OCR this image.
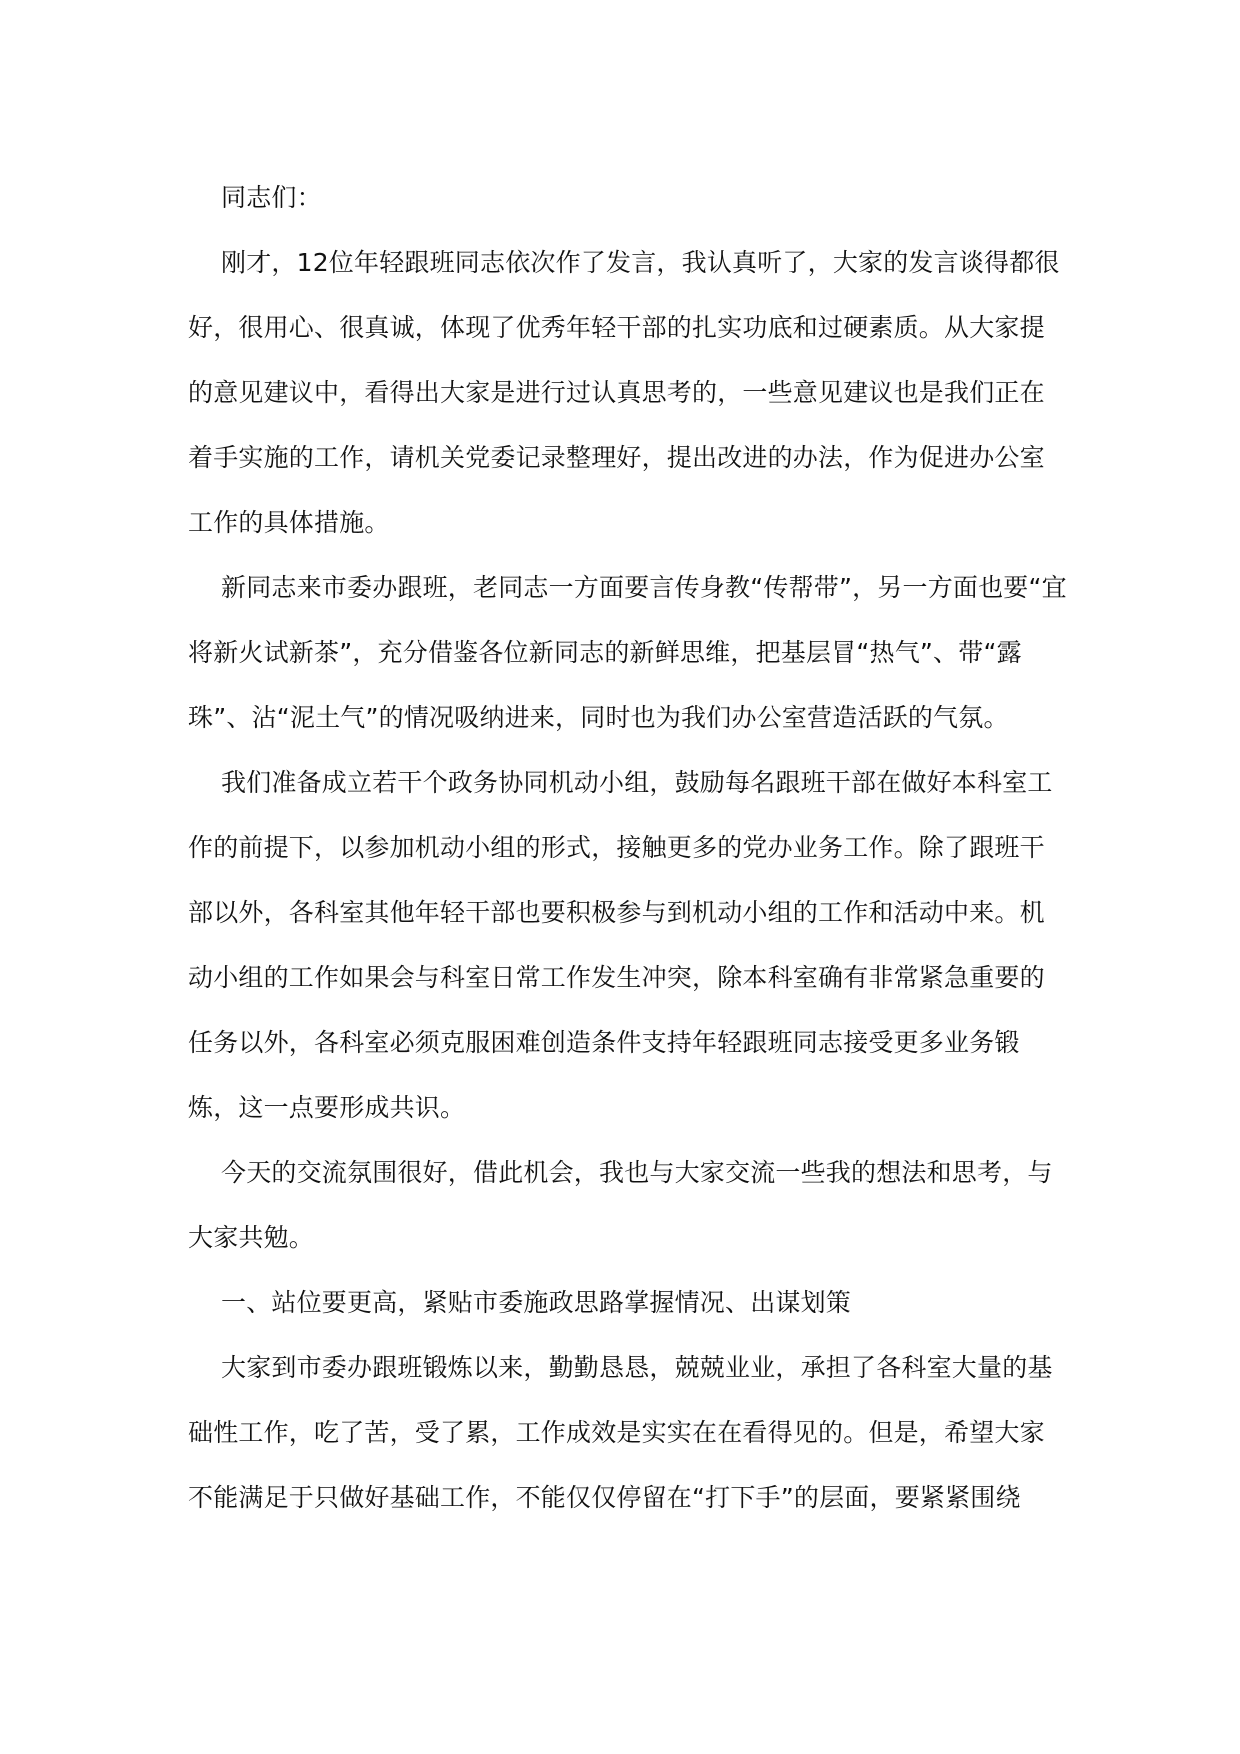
同志们：

刚才，12位年轻跟班同志依次作了发言，我认真听了，大家的发言谈得都很好，很用心、很真诚，体现了优秀年轻干部的扎实功底和过硬素质。从大家提的意见建议中，看得出大家是进行过认真思考的，一些意见建议也是我们正在着手实施的工作，请机关党委记录整理好，提出改进的办法，作为促进办公室工作的具体措施。

新同志来市委办跟班，老同志一方面要言传身教“传帮带”，另一方面也要“宜将新火试新茶”，充分借鉴各位新同志的新鲜思维，把基层冒“热气”、带“露珠”、沾“泥土气”的情况吸纳进来，同时也为我们办公室营造活跃的气氛。

我们准备成立若干个政务协同机动小组，鼓励每名跟班干部在做好本科室工作的前提下，以参加机动小组的形式，接触更多的党办业务工作。除了跟班干部以外，各科室其他年轻干部也要积极参与到机动小组的工作和活动中来。机动小组的工作如果会与科室日常工作发生冲突，除本科室确有非常紧急重要的任务以外，各科室必须克服困难创造条件支持年轻跟班同志接受更多业务锻炼，这一点要形成共识。

今天的交流氛围很好，借此机会，我也与大家交流一些我的想法和思考，与大家共勉。

一、站位要更高，紧贴市委施政思路掌握情况、出谋划策

大家到市委办跟班锻炼以来，勤勤恳恳，兢兢业业，承担了各科室大量的基础性工作，吃了苦，受了累，工作成效是实实在在看得见的。但是，希望大家不能满足于只做好基础工作，不能仅仅停留在“打下手”的层面，要紧紧围绕
